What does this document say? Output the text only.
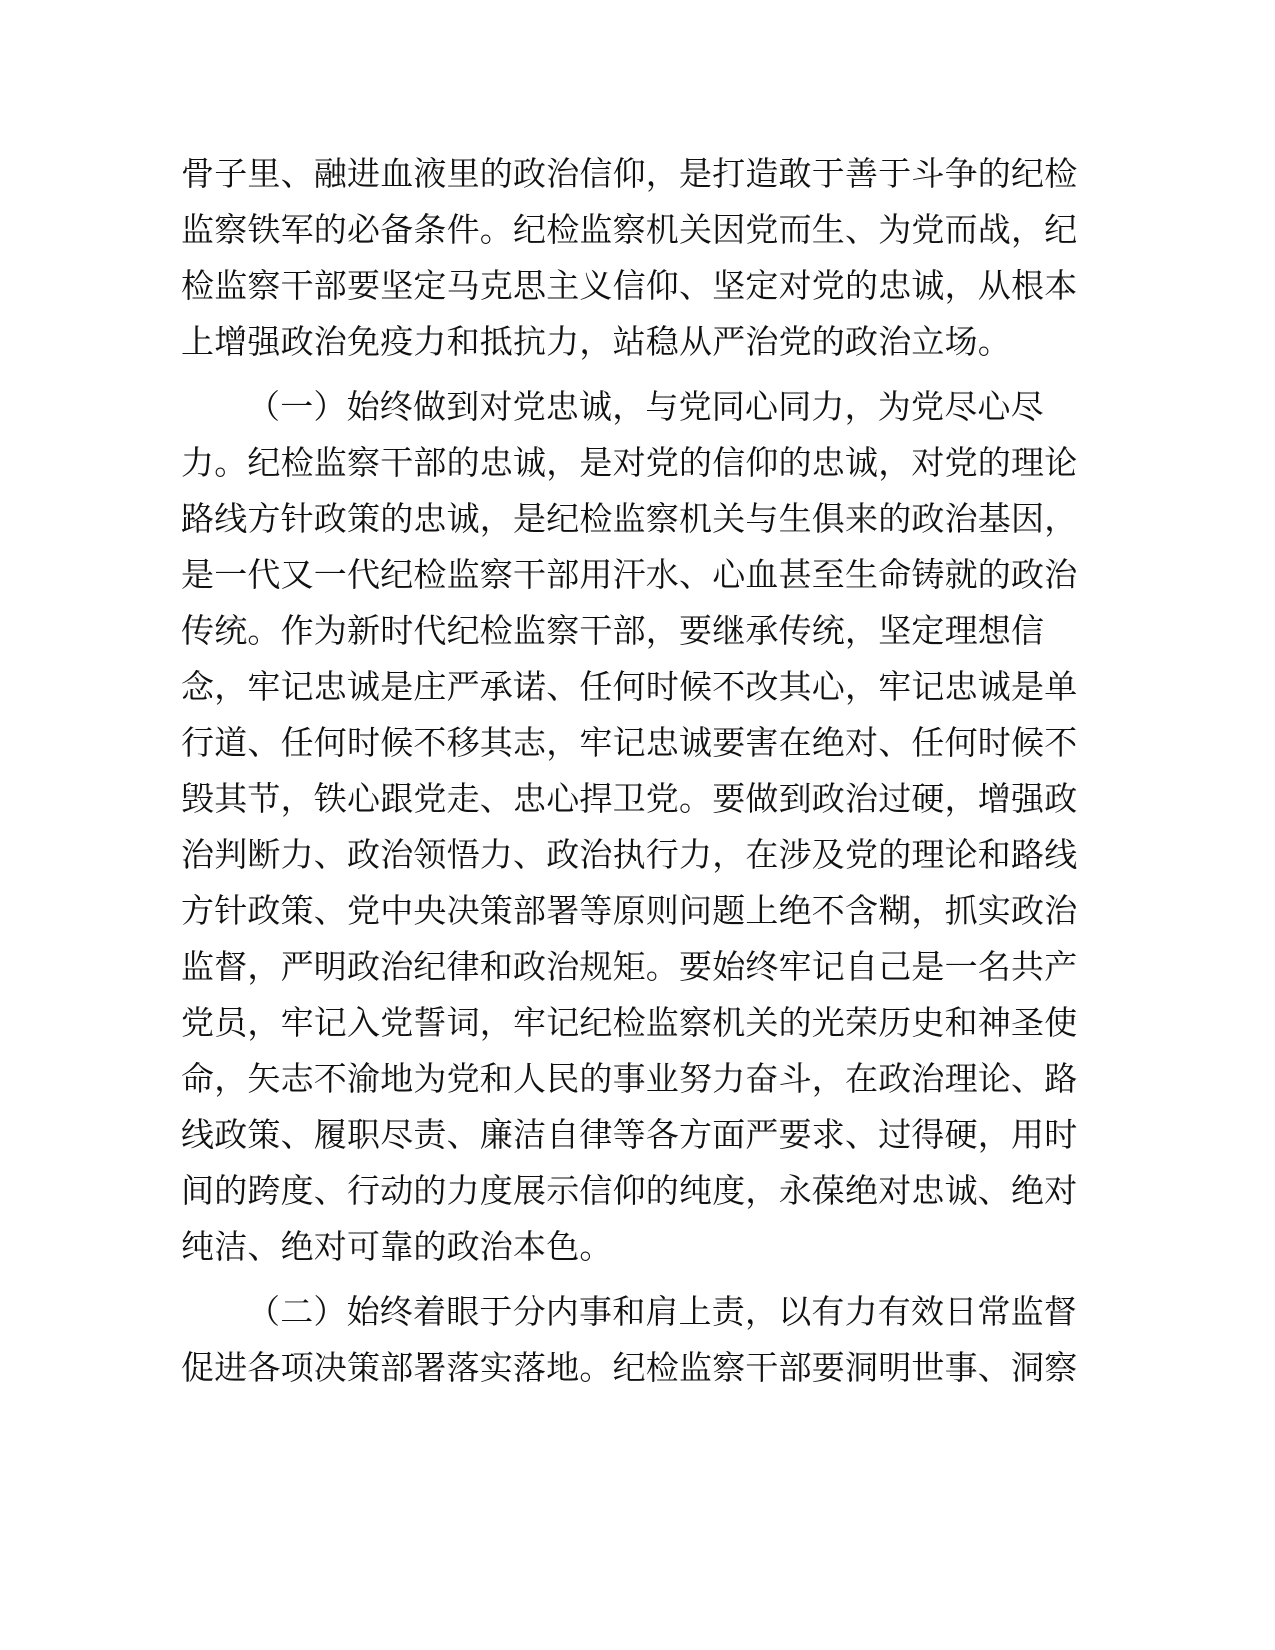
骨子里、融进血液里的政治信仰，是打造敢于善于斗争的纪检
监察铁军的必备条件。纪检监察机关因党而生、为党而战，纪
检监察干部要坚定马克思主义信仰、坚定对党的忠诚，从根本
上增强政治免疫力和抵抗力，站稳从严治党的政治立场。

（一）始终做到对党忠诚，与党同心同力，为党尽心尽
力。纪检监察干部的忠诚，是对党的信仰的忠诚，对党的理论
路线方针政策的忠诚，是纪检监察机关与生俱来的政治基因，
是一代又一代纪检监察干部用汗水、心血甚至生命铸就的政治
传统。作为新时代纪检监察干部，要继承传统，坚定理想信
念，牢记忠诚是庄严承诺、任何时候不改其心，牢记忠诚是单
行道、任何时候不移其志，牢记忠诚要害在绝对、任何时候不
毁其节，铁心跟党走、忠心捍卫党。要做到政治过硬，增强政
治判断力、政治领悟力、政治执行力，在涉及党的理论和路线
方针政策、党中央决策部署等原则问题上绝不含糊，抓实政治
监督，严明政治纪律和政治规矩。要始终牢记自己是一名共产
党员，牢记入党誓词，牢记纪检监察机关的光荣历史和神圣使
命，矢志不渝地为党和人民的事业努力奋斗，在政治理论、路
线政策、履职尽责、廉洁自律等各方面严要求、过得硬，用时
间的跨度、行动的力度展示信仰的纯度，永葆绝对忠诚、绝对
纯洁、绝对可靠的政治本色。

（二）始终着眼于分内事和肩上责，以有力有效日常监督
促进各项决策部署落实落地。纪检监察干部要洞明世事、洞察
